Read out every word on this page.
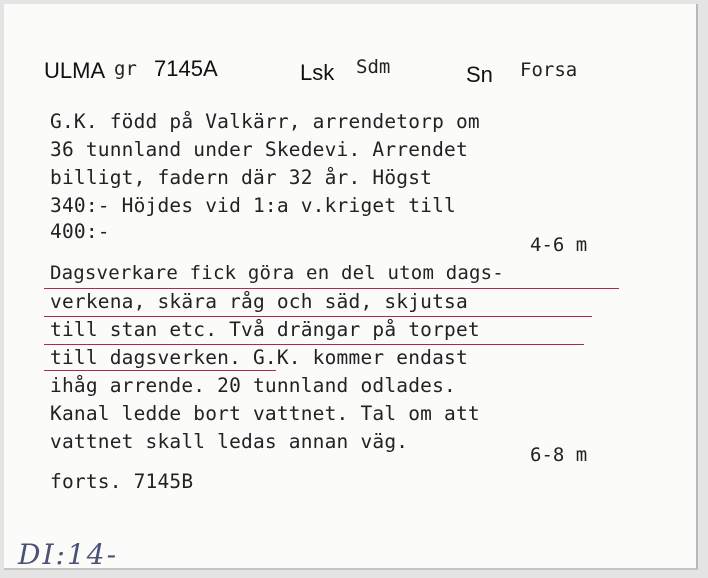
ULMA gr 7145A	Lsk Sdm	Sn Forsa
G.K. född på Valkärr, arrendetorp om
36 tunnland under Skedevi. Arrendet
billigt, fadern där 32 år. Högst
340:- Höjdes vid 1:a v.kriget till
400:-
4-6 m
Dagsverkare fick göra en del utom dags-
verkena, skära råg och säd, skjutsa
till stan etc. Två drängar på torpet
till dagsverken. G.K. kommer endast
ihåg arrende. 20 tunnland odlades.
Kanal ledde bort vattnet. Tal om att
vattnet skall ledas annan väg.
6-8 m
forts. 7145B
DI:14-
